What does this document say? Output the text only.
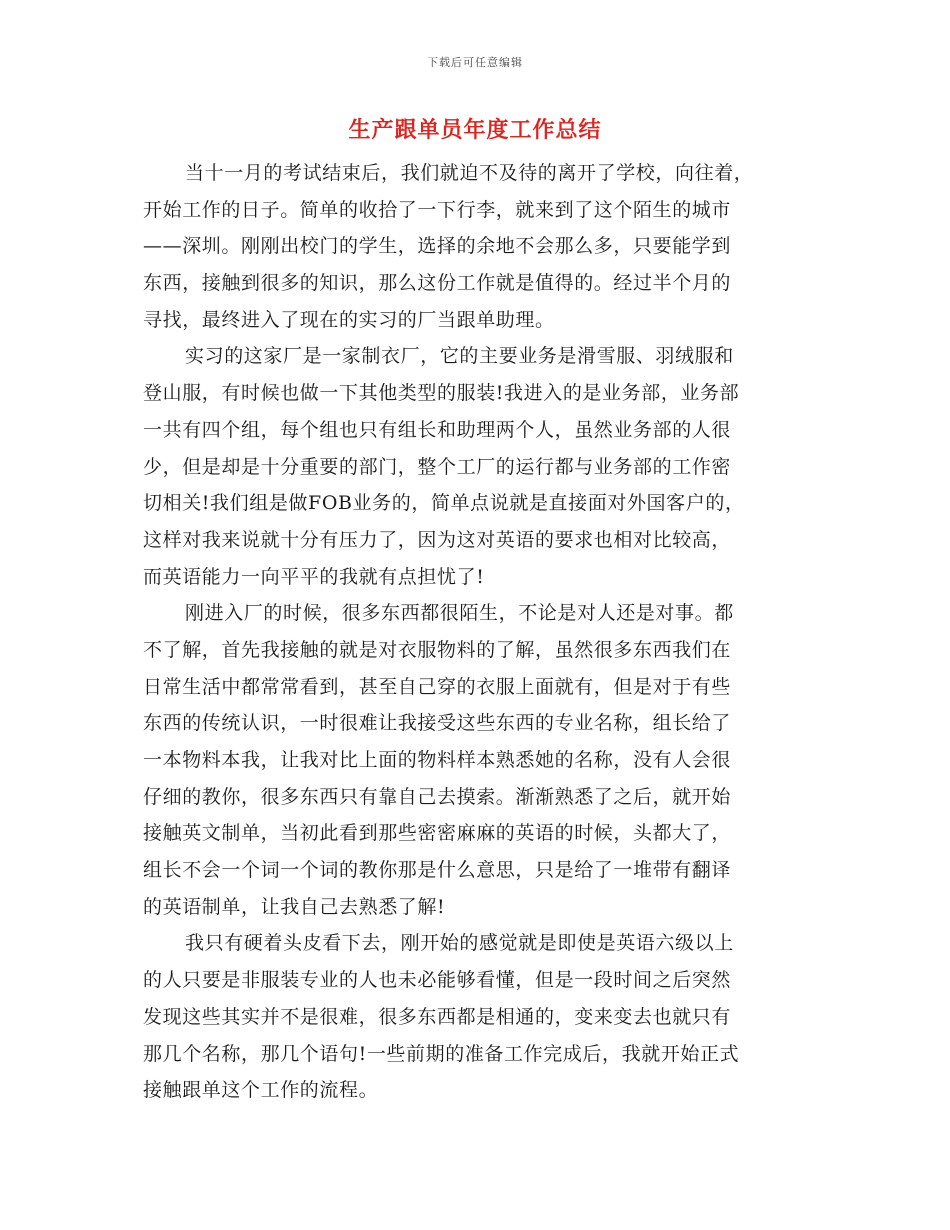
下载后可任意编辑
生产跟单员年度工作总结
当十一月的考试结束后，我们就迫不及待的离开了学校，向往着，
开始工作的日子。简单的收拾了一下行李，就来到了这个陌生的城市
——深圳。刚刚出校门的学生，选择的余地不会那么多，只要能学到
东西，接触到很多的知识，那么这份工作就是值得的。经过半个月的
寻找，最终进入了现在的实习的厂当跟单助理。
实习的这家厂是一家制衣厂，它的主要业务是滑雪服、羽绒服和
登山服，有时候也做一下其他类型的服装!我进入的是业务部，业务部
一共有四个组，每个组也只有组长和助理两个人，虽然业务部的人很
少，但是却是十分重要的部门，整个工厂的运行都与业务部的工作密
切相关!我们组是做FOB业务的，简单点说就是直接面对外国客户的，
这样对我来说就十分有压力了，因为这对英语的要求也相对比较高，
而英语能力一向平平的我就有点担忧了!
刚进入厂的时候，很多东西都很陌生，不论是对人还是对事。都
不了解，首先我接触的就是对衣服物料的了解，虽然很多东西我们在
日常生活中都常常看到，甚至自己穿的衣服上面就有，但是对于有些
东西的传统认识，一时很难让我接受这些东西的专业名称，组长给了
一本物料本我，让我对比上面的物料样本熟悉她的名称，没有人会很
仔细的教你，很多东西只有靠自己去摸索。渐渐熟悉了之后，就开始
接触英文制单，当初此看到那些密密麻麻的英语的时候，头都大了，
组长不会一个词一个词的教你那是什么意思，只是给了一堆带有翻译
的英语制单，让我自己去熟悉了解!
我只有硬着头皮看下去，刚开始的感觉就是即使是英语六级以上
的人只要是非服装专业的人也未必能够看懂，但是一段时间之后突然
发现这些其实并不是很难，很多东西都是相通的，变来变去也就只有
那几个名称，那几个语句!一些前期的准备工作完成后，我就开始正式
接触跟单这个工作的流程。
